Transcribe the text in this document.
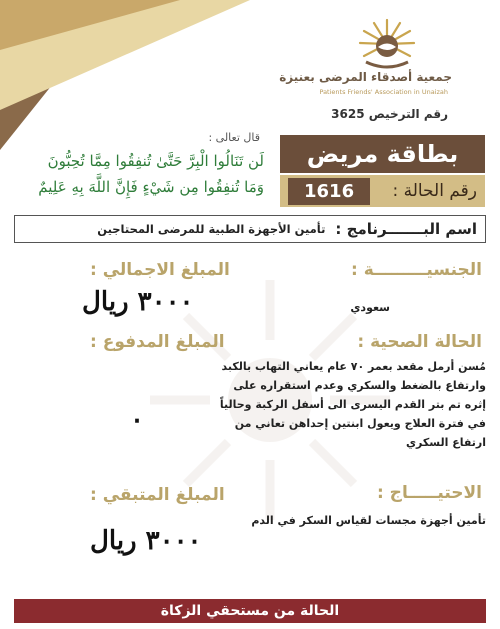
جمعية أصدقاء المرضى بعنيزة
Patients Friends' Association in Unaizah
رقم الترخيص 3625
بطاقة مريض
رقم الحالة :
1616
قال تعالى :
لَن تَنَالُوا الْبِرَّ حَتَّىٰ تُنفِقُوا مِمَّا تُحِبُّونَ
وَمَا تُنفِقُوا مِن شَيْءٍ فَإِنَّ اللَّهَ بِهِ عَلِيمٌ
اسم البـــــــرنامج :
تأمين الأجهزة الطبية للمرضى المحتاجين
الجنسيـــــــــة :
سعودي
الحالة الصحية :
مُسن أرمل مقعد بعمر ٧٠ عام يعاني التهاب بالكبد
وارتفاع بالضغط والسكري وعدم استقراره على
إثره تم بتر القدم اليسرى الى أسفل الركبة وحالياً
في فترة العلاج ويعول ابنتين إحداهن تعاني من
ارتفاع السكري
الاحتيـــــاج :
تأمين أجهزة مجسات لقياس السكر في الدم
المبلغ الاجمالي :
٣٠٠٠ ريال
المبلغ المدفوع :
٠
المبلغ المتبقي :
٣٠٠٠ ريال
الحالة من مستحقي الزكاة
